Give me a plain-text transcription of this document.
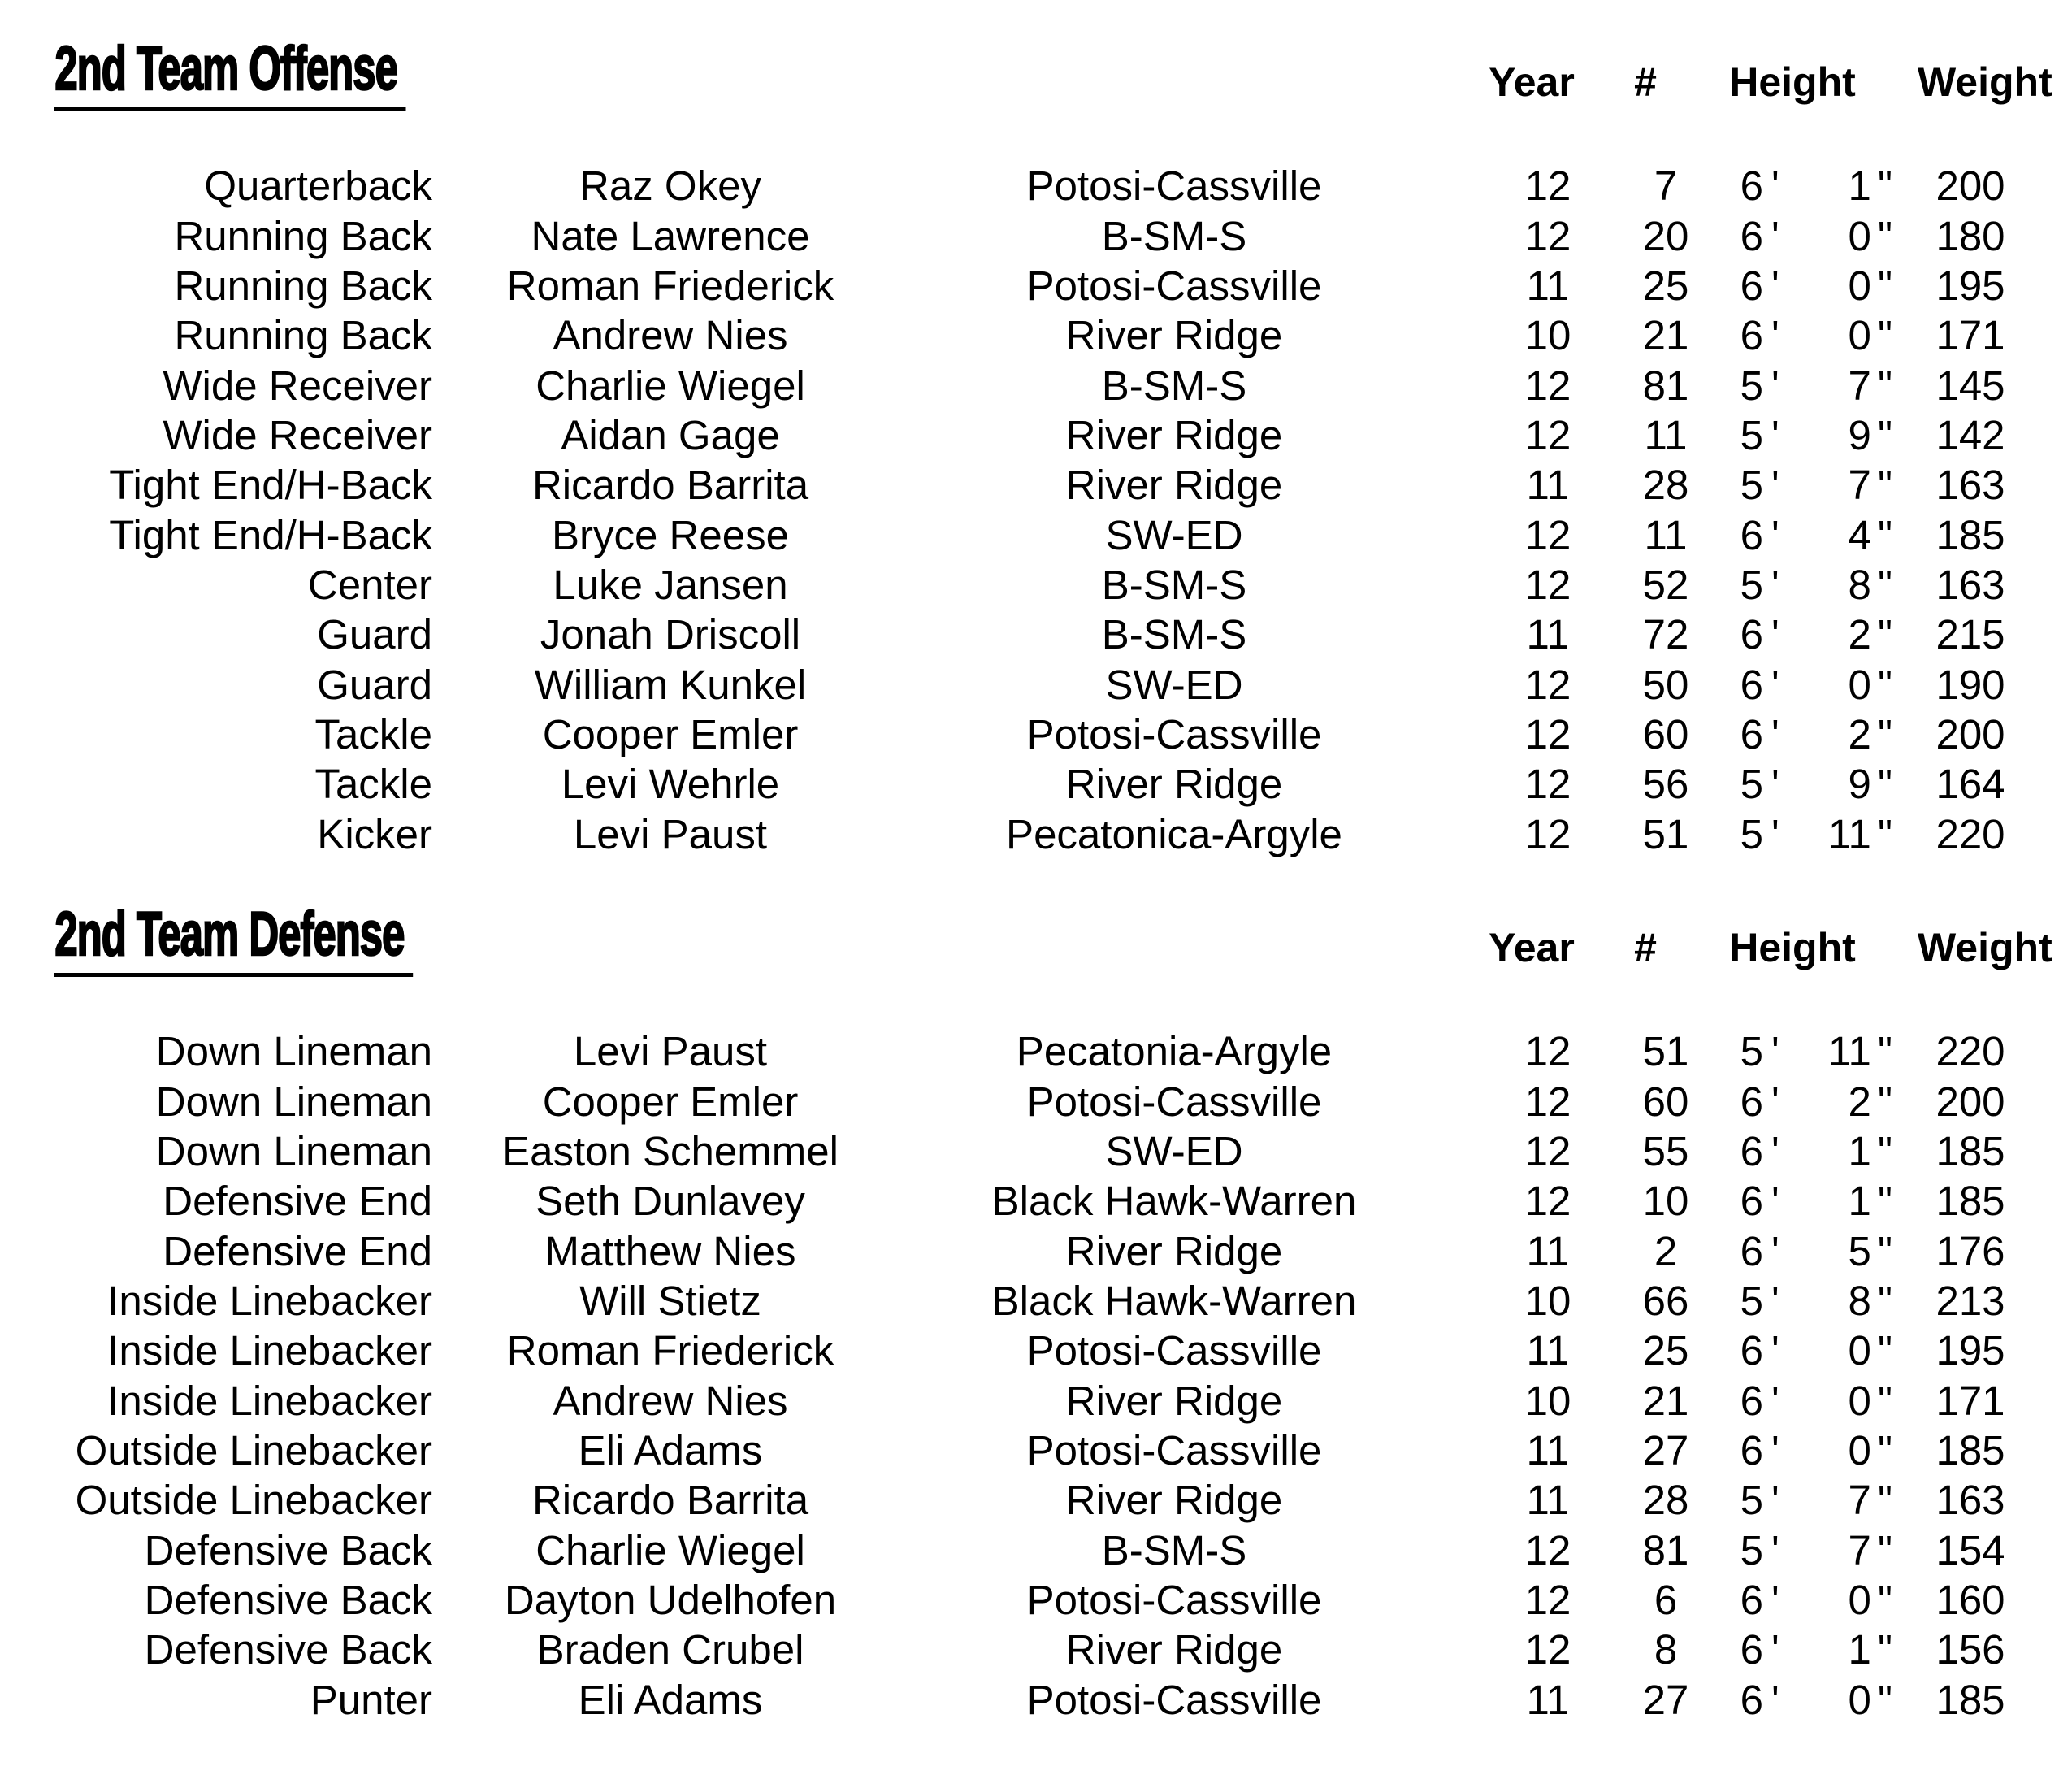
2nd Team Offense	Year	#	Height	Weight
Quarterback	Raz Okey	Potosi-Cassville	12	7	6 '	1 "	200
Running Back	Nate Lawrence	B-SM-S	12	20	6 '	0 "	180
Running Back	Roman Friederick	Potosi-Cassville	11	25	6 '	0 "	195
Running Back	Andrew Nies	River Ridge	10	21	6 '	0 "	171
Wide Receiver	Charlie Wiegel	B-SM-S	12	81	5 '	7 "	145
Wide Receiver	Aidan Gage	River Ridge	12	11	5 '	9 "	142
Tight End/H-Back	Ricardo Barrita	River Ridge	11	28	5 '	7 "	163
Tight End/H-Back	Bryce Reese	SW-ED	12	11	6 '	4 "	185
Center	Luke Jansen	B-SM-S	12	52	5 '	8 "	163
Guard	Jonah Driscoll	B-SM-S	11	72	6 '	2 "	215
Guard	William Kunkel	SW-ED	12	50	6 '	0 "	190
Tackle	Cooper Emler	Potosi-Cassville	12	60	6 '	2 "	200
Tackle	Levi Wehrle	River Ridge	12	56	5 '	9 "	164
Kicker	Levi Paust	Pecatonica-Argyle	12	51	5 '	11 "	220
2nd Team Defense	Year	#	Height	Weight
Down Lineman	Levi Paust	Pecatonia-Argyle	12	51	5 '	11 "	220
Down Lineman	Cooper Emler	Potosi-Cassville	12	60	6 '	2 "	200
Down Lineman	Easton Schemmel	SW-ED	12	55	6 '	1 "	185
Defensive End	Seth Dunlavey	Black Hawk-Warren	12	10	6 '	1 "	185
Defensive End	Matthew Nies	River Ridge	11	2	6 '	5 "	176
Inside Linebacker	Will Stietz	Black Hawk-Warren	10	66	5 '	8 "	213
Inside Linebacker	Roman Friederick	Potosi-Cassville	11	25	6 '	0 "	195
Inside Linebacker	Andrew Nies	River Ridge	10	21	6 '	0 "	171
Outside Linebacker	Eli Adams	Potosi-Cassville	11	27	6 '	0 "	185
Outside Linebacker	Ricardo Barrita	River Ridge	11	28	5 '	7 "	163
Defensive Back	Charlie Wiegel	B-SM-S	12	81	5 '	7 "	154
Defensive Back	Dayton Udelhofen	Potosi-Cassville	12	6	6 '	0 "	160
Defensive Back	Braden Crubel	River Ridge	12	8	6 '	1 "	156
Punter	Eli Adams	Potosi-Cassville	11	27	6 '	0 "	185
